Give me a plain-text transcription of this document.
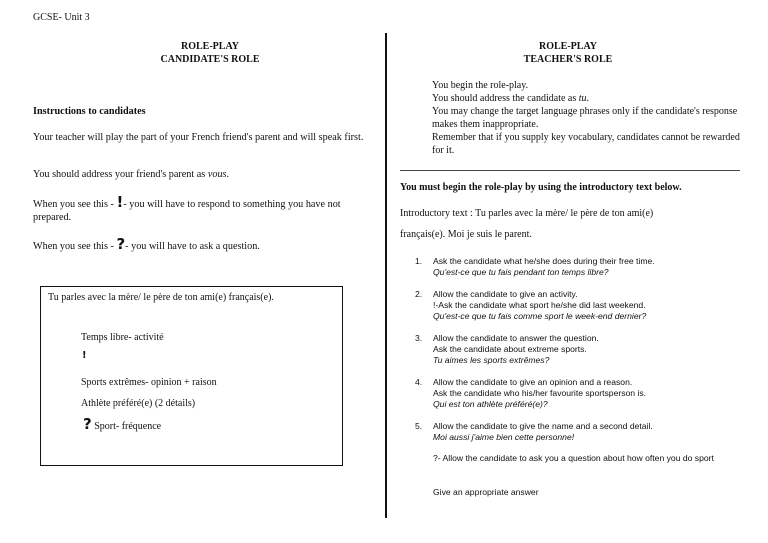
GCSE- Unit 3
ROLE-PLAY
CANDIDATE'S ROLE
Instructions to candidates
Your teacher will play the part of your French friend's parent and will speak first.
You should address your friend's parent as vous.
When you see this - !- you will have to respond to something you have not prepared.
When you see this - ?- you will have to ask a question.
Tu parles avec la mère/ le père de ton ami(e) français(e).
Temps libre- activité
!
Sports extrêmes- opinion + raison
Athlète préféré(e) (2 détails)
? Sport- fréquence
ROLE-PLAY
TEACHER'S ROLE
You begin the role-play.
You should address the candidate as tu.
You may change the target language phrases only if the candidate's response makes them inappropriate.
Remember that if you supply key vocabulary, candidates cannot be rewarded for it.
You must begin the role-play by using the introductory text below.
Introductory text : Tu parles avec la mère/ le père de ton ami(e)
français(e). Moi je suis le parent.
1. Ask the candidate what he/she does during their free time.
Qu'est-ce que tu fais pendant ton temps libre?
2. Allow the candidate to give an activity.
!-Ask the candidate what sport he/she did last weekend.
Qu'est-ce que tu fais comme sport le week-end dernier?
3. Allow the candidate to answer the question.
Ask the candidate about extreme sports.
Tu aimes les sports extrêmes?
4. Allow the candidate to give an opinion and a reason.
Ask the candidate who his/her favourite sportsperson is.
Qui est ton athlète préféré(e)?
5. Allow the candidate to give the name and a second detail.
Moi aussi j'aime bien cette personne!
?- Allow the candidate to ask you a question about how often you do sport
Give an appropriate answer
